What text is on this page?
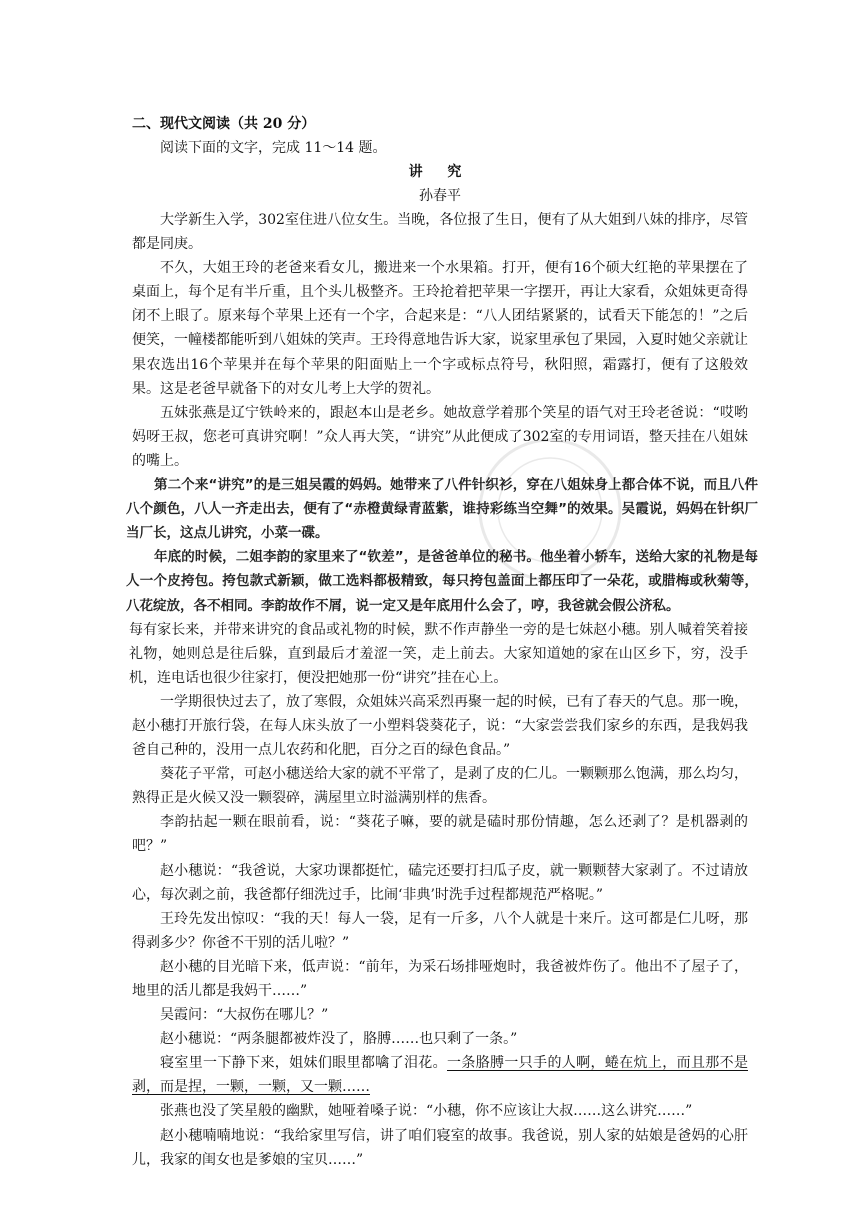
二、现代文阅读（共 20 分）

阅读下面的文字，完成 11～14 题。

讲 究

孙春平

大学新生入学，302室住进八位女生。当晚，各位报了生日，便有了从大姐到八妹的排序，尽管都是同庚。

不久，大姐王玲的老爸来看女儿，搬进来一个水果箱。打开，便有16个硕大红艳的苹果摆在了桌面上，每个足有半斤重，且个头儿极整齐。王玲抢着把苹果一字摆开，再让大家看，众姐妹更奇得闭不上眼了。原来每个苹果上还有一个字，合起来是：“八人团结紧紧的，试看天下能怎的！”之后便笑，一幢楼都能听到八姐妹的笑声。王玲得意地告诉大家，说家里承包了果园，入夏时她父亲就让果农选出16个苹果并在每个苹果的阳面贴上一个字或标点符号，秋阳照，霜露打，便有了这般效果。这是老爸早就备下的对女儿考上大学的贺礼。

五妹张燕是辽宁铁岭来的，跟赵本山是老乡。她故意学着那个笑星的语气对王玲老爸说：“哎哟妈呀王叔，您老可真讲究啊！”众人再大笑，“讲究”从此便成了302室的专用词语，整天挂在八姐妹的嘴上。

第二个来“讲究”的是三姐吴霞的妈妈。她带来了八件针织衫，穿在八姐妹身上都合体不说，而且八件八个颜色，八人一齐走出去，便有了“赤橙黄绿青蓝紫，谁持彩练当空舞”的效果。吴霞说，妈妈在针织厂当厂长，这点儿讲究，小菜一碟。

年底的时候，二姐李韵的家里来了“钦差”，是爸爸单位的秘书。他坐着小轿车，送给大家的礼物是每人一个皮挎包。挎包款式新颖，做工选料都极精致，每只挎包盖面上都压印了一朵花，或腊梅或秋菊等，八花绽放，各不相同。李韵故作不屑，说一定又是年底用什么会了，哼，我爸就会假公济私。

每有家长来，并带来讲究的食品或礼物的时候，默不作声静坐一旁的是七妹赵小穗。别人喊着笑着接礼物，她则总是往后躲，直到最后才羞涩一笑，走上前去。大家知道她的家在山区乡下，穷，没手机，连电话也很少往家打，便没把她那一份“讲究”挂在心上。

一学期很快过去了，放了寒假，众姐妹兴高采烈再聚一起的时候，已有了春天的气息。那一晚，赵小穗打开旅行袋，在每人床头放了一小塑料袋葵花子，说：“大家尝尝我们家乡的东西，是我妈我爸自己种的，没用一点儿农药和化肥，百分之百的绿色食品。”

葵花子平常，可赵小穗送给大家的就不平常了，是剥了皮的仁儿。一颗颗那么饱满，那么均匀，熟得正是火候又没一颗裂碎，满屋里立时溢满别样的焦香。

李韵拈起一颗在眼前看，说：“葵花子嘛，要的就是磕时那份情趣，怎么还剥了？是机器剥的吧？”

赵小穗说：“我爸说，大家功课都挺忙，磕完还要打扫瓜子皮，就一颗颗替大家剥了。不过请放心，每次剥之前，我爸都仔细洗过手，比闹‘非典’时洗手过程都规范严格呢。”

王玲先发出惊叹：“我的天！每人一袋，足有一斤多，八个人就是十来斤。这可都是仁儿呀，那得剥多少？你爸不干别的活儿啦？”

赵小穗的目光暗下来，低声说：“前年，为采石场排哑炮时，我爸被炸伤了。他出不了屋子了，地里的活儿都是我妈干……”

吴霞问：“大叔伤在哪儿？”

赵小穗说：“两条腿都被炸没了，胳膊……也只剩了一条。”

寝室里一下静下来，姐妹们眼里都噙了泪花。一条胳膊一只手的人啊，蜷在炕上，而且那不是剥，而是捏，一颗，一颗，又一颗……

张燕也没了笑星般的幽默，她哑着嗓子说：“小穗，你不应该让大叔……这么讲究……”

赵小穗喃喃地说：“我给家里写信，讲了咱们寝室的故事。我爸说，别人家的姑娘是爸妈的心肝儿，我家的闺女也是爹娘的宝贝……”
